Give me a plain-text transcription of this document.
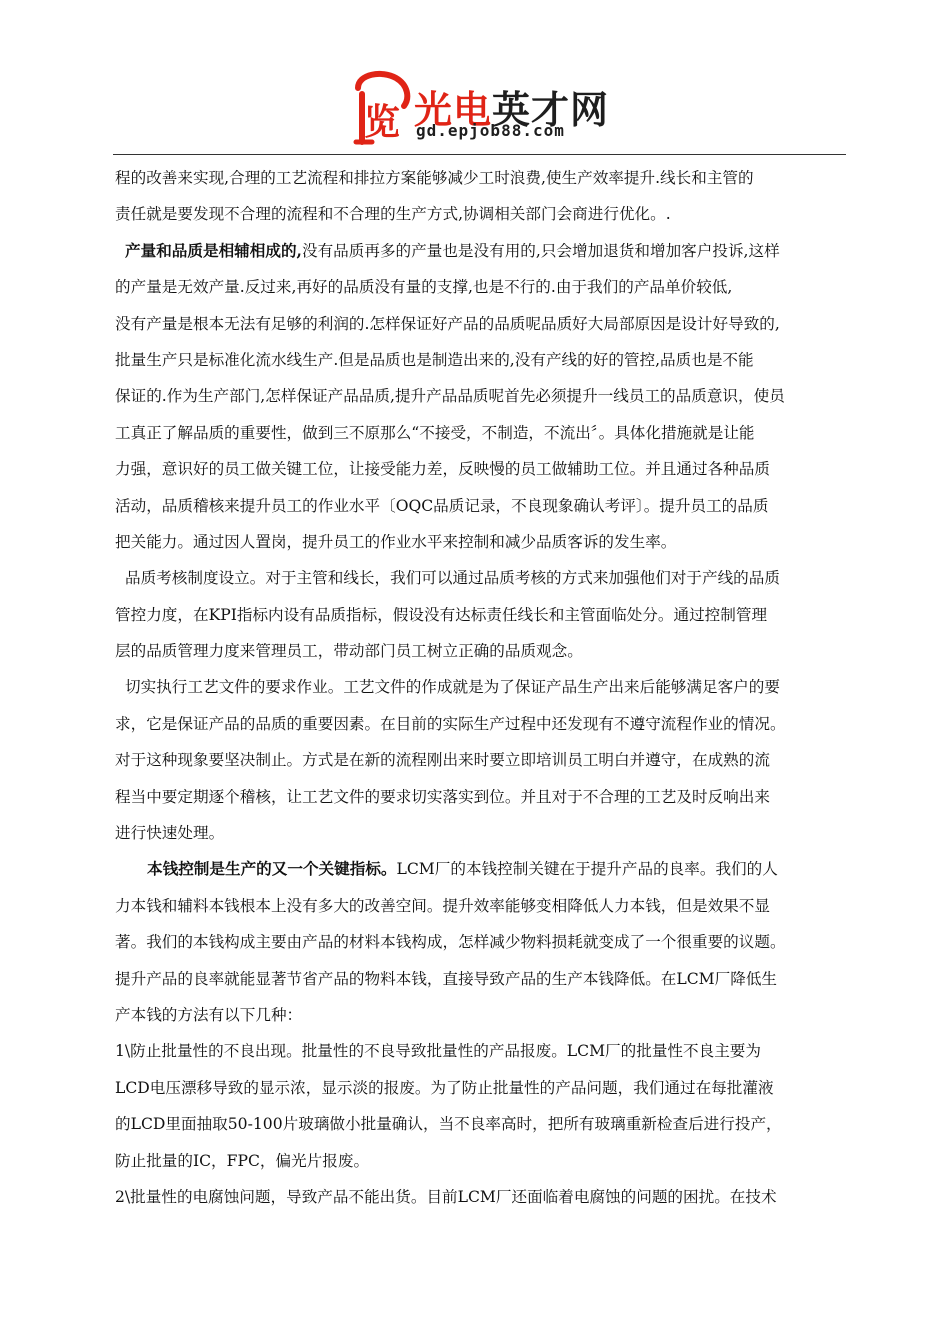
览 光电英才网
gd.epjob88.com
程的改善来实现,合理的工艺流程和排拉方案能够减少工时浪费,使生产效率提升.线长和主管的
责任就是要发现不合理的流程和不合理的生产方式,协调相关部门会商进行优化。.
产量和品质是相辅相成的,没有品质再多的产量也是没有用的,只会增加退货和增加客户投诉,这样
的产量是无效产量.反过来,再好的品质没有量的支撑,也是不行的.由于我们的产品单价较低,
没有产量是根本无法有足够的利润的.怎样保证好产品的品质呢品质好大局部原因是设计好导致的,
批量生产只是标准化流水线生产.但是品质也是制造出来的,没有产线的好的管控,品质也是不能
保证的.作为生产部门,怎样保证产品品质,提升产品品质呢首先必须提升一线员工的品质意识，使员
工真正了解品质的重要性，做到三不原那么“不接受，不制造，不流出〞。具体化措施就是让能
力强，意识好的员工做关键工位，让接受能力差，反映慢的员工做辅助工位。并且通过各种品质
活动，品质稽核来提升员工的作业水平〔OQC品质记录，不良现象确认考评〕。提升员工的品质
把关能力。通过因人置岗，提升员工的作业水平来控制和减少品质客诉的发生率。
品质考核制度设立。对于主管和线长，我们可以通过品质考核的方式来加强他们对于产线的品质
管控力度，在KPI指标内设有品质指标，假设没有达标责任线长和主管面临处分。通过控制管理
层的品质管理力度来管理员工，带动部门员工树立正确的品质观念。
切实执行工艺文件的要求作业。工艺文件的作成就是为了保证产品生产出来后能够满足客户的要
求，它是保证产品的品质的重要因素。在目前的实际生产过程中还发现有不遵守流程作业的情况。
对于这种现象要坚决制止。方式是在新的流程刚出来时要立即培训员工明白并遵守，在成熟的流
程当中要定期逐个稽核，让工艺文件的要求切实落实到位。并且对于不合理的工艺及时反响出来
进行快速处理。
本钱控制是生产的又一个关键指标。LCM厂的本钱控制关键在于提升产品的良率。我们的人
力本钱和辅料本钱根本上没有多大的改善空间。提升效率能够变相降低人力本钱，但是效果不显
著。我们的本钱构成主要由产品的材料本钱构成，怎样减少物料损耗就变成了一个很重要的议题。
提升产品的良率就能显著节省产品的物料本钱，直接导致产品的生产本钱降低。在LCM厂降低生
产本钱的方法有以下几种：
1\防止批量性的不良出现。批量性的不良导致批量性的产品报废。LCM厂的批量性不良主要为
LCD电压漂移导致的显示浓，显示淡的报废。为了防止批量性的产品问题，我们通过在每批灌液
的LCD里面抽取50-100片玻璃做小批量确认，当不良率高时，把所有玻璃重新检查后进行投产，
防止批量的IC，FPC，偏光片报废。
2\批量性的电腐蚀问题，导致产品不能出货。目前LCM厂还面临着电腐蚀的问题的困扰。在技术
